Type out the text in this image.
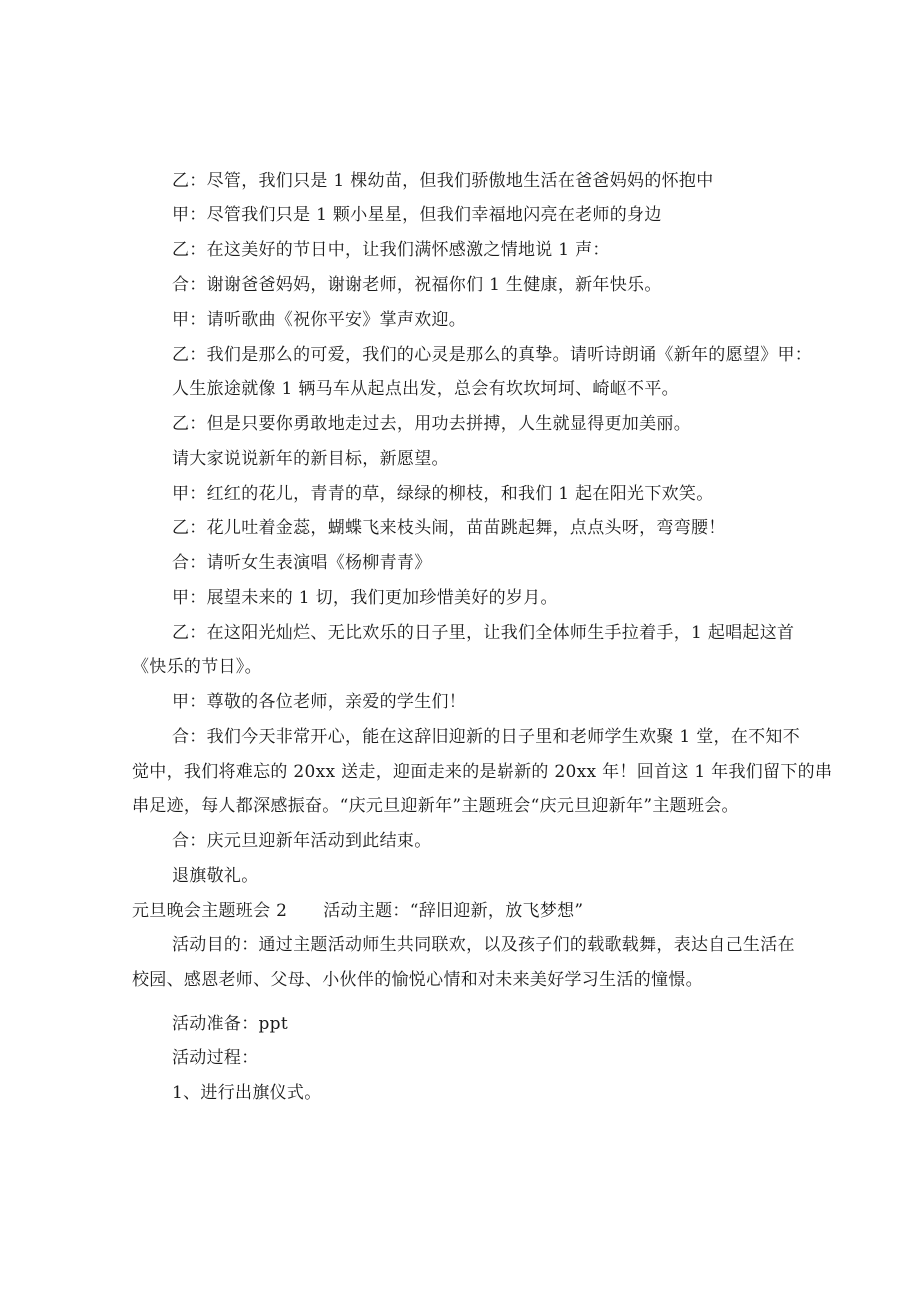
乙：尽管，我们只是 1 棵幼苗，但我们骄傲地生活在爸爸妈妈的怀抱中
甲：尽管我们只是 1 颗小星星，但我们幸福地闪亮在老师的身边
乙：在这美好的节日中，让我们满怀感激之情地说 1 声：
合：谢谢爸爸妈妈，谢谢老师，祝福你们 1 生健康，新年快乐。
甲：请听歌曲《祝你平安》掌声欢迎。
乙：我们是那么的可爱，我们的心灵是那么的真挚。请听诗朗诵《新年的愿望》甲：
人生旅途就像 1 辆马车从起点出发，总会有坎坎坷坷、崎岖不平。
乙：但是只要你勇敢地走过去，用功去拼搏，人生就显得更加美丽。
请大家说说新年的新目标，新愿望。
甲：红红的花儿，青青的草，绿绿的柳枝，和我们 1 起在阳光下欢笑。
乙：花儿吐着金蕊，蝴蝶飞来枝头闹，苗苗跳起舞，点点头呀，弯弯腰！
合：请听女生表演唱《杨柳青青》
甲：展望未来的 1 切，我们更加珍惜美好的岁月。
乙：在这阳光灿烂、无比欢乐的日子里，让我们全体师生手拉着手，1 起唱起这首
《快乐的节日》。
甲：尊敬的各位老师，亲爱的学生们！
合：我们今天非常开心，能在这辞旧迎新的日子里和老师学生欢聚 1 堂，在不知不
觉中，我们将难忘的 20xx 送走，迎面走来的是崭新的 20xx 年！回首这 1 年我们留下的串
串足迹，每人都深感振奋。“庆元旦迎新年”主题班会“庆元旦迎新年”主题班会。
合：庆元旦迎新年活动到此结束。
退旗敬礼。
元旦晚会主题班会 2 活动主题：“辞旧迎新，放飞梦想”
活动目的：通过主题活动师生共同联欢，以及孩子们的载歌载舞，表达自己生活在
校园、感恩老师、父母、小伙伴的愉悦心情和对未来美好学习生活的憧憬。
活动准备：ppt
活动过程：
1、进行出旗仪式。
